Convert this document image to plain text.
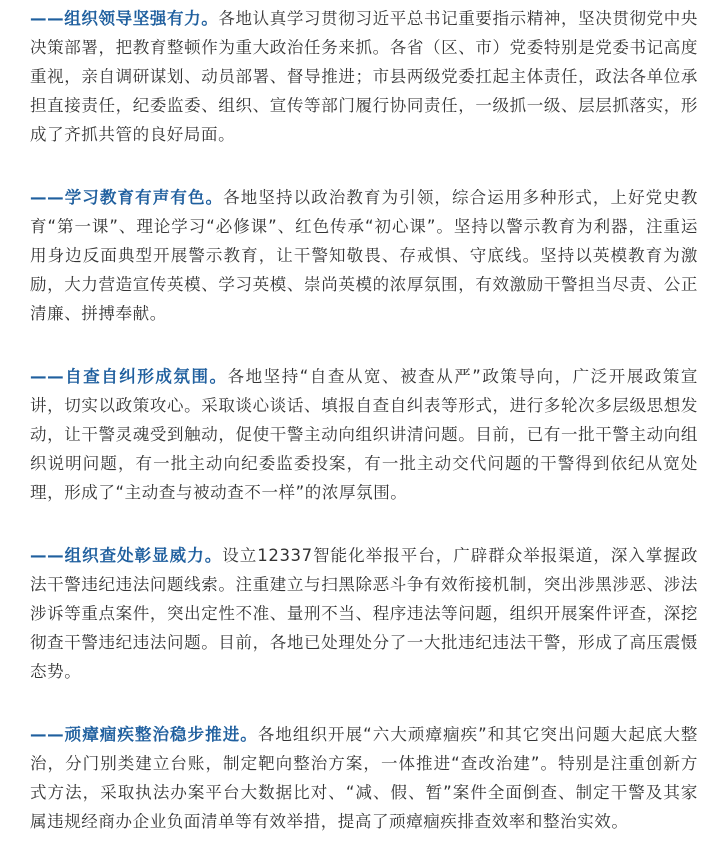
——组织领导坚强有力。各地认真学习贯彻习近平总书记重要指示精神，坚决贯彻党中央决策部署，把教育整顿作为重大政治任务来抓。各省（区、市）党委特别是党委书记高度重视，亲自调研谋划、动员部署、督导推进；市县两级党委扛起主体责任，政法各单位承担直接责任，纪委监委、组织、宣传等部门履行协同责任，一级抓一级、层层抓落实，形成了齐抓共管的良好局面。

——学习教育有声有色。各地坚持以政治教育为引领，综合运用多种形式，上好党史教育“第一课”、理论学习“必修课”、红色传承“初心课”。坚持以警示教育为利器，注重运用身边反面典型开展警示教育，让干警知敬畏、存戒惧、守底线。坚持以英模教育为激励，大力营造宣传英模、学习英模、崇尚英模的浓厚氛围，有效激励干警担当尽责、公正清廉、拼搏奉献。

——自查自纠形成氛围。各地坚持“自查从宽、被查从严”政策导向，广泛开展政策宣讲，切实以政策攻心。采取谈心谈话、填报自查自纠表等形式，进行多轮次多层级思想发动，让干警灵魂受到触动，促使干警主动向组织讲清问题。目前，已有一批干警主动向组织说明问题，有一批主动向纪委监委投案，有一批主动交代问题的干警得到依纪从宽处理，形成了“主动查与被动查不一样”的浓厚氛围。

——组织查处彰显威力。设立12337智能化举报平台，广辟群众举报渠道，深入掌握政法干警违纪违法问题线索。注重建立与扫黑除恶斗争有效衔接机制，突出涉黑涉恶、涉法涉诉等重点案件，突出定性不准、量刑不当、程序违法等问题，组织开展案件评查，深挖彻查干警违纪违法问题。目前，各地已处理处分了一大批违纪违法干警，形成了高压震慑态势。

——顽瘴痼疾整治稳步推进。各地组织开展“六大顽瘴痼疾”和其它突出问题大起底大整治，分门别类建立台账，制定靶向整治方案，一体推进“查改治建”。特别是注重创新方式方法，采取执法办案平台大数据比对、“减、假、暂”案件全面倒查、制定干警及其家属违规经商办企业负面清单等有效举措，提高了顽瘴痼疾排查效率和整治实效。
